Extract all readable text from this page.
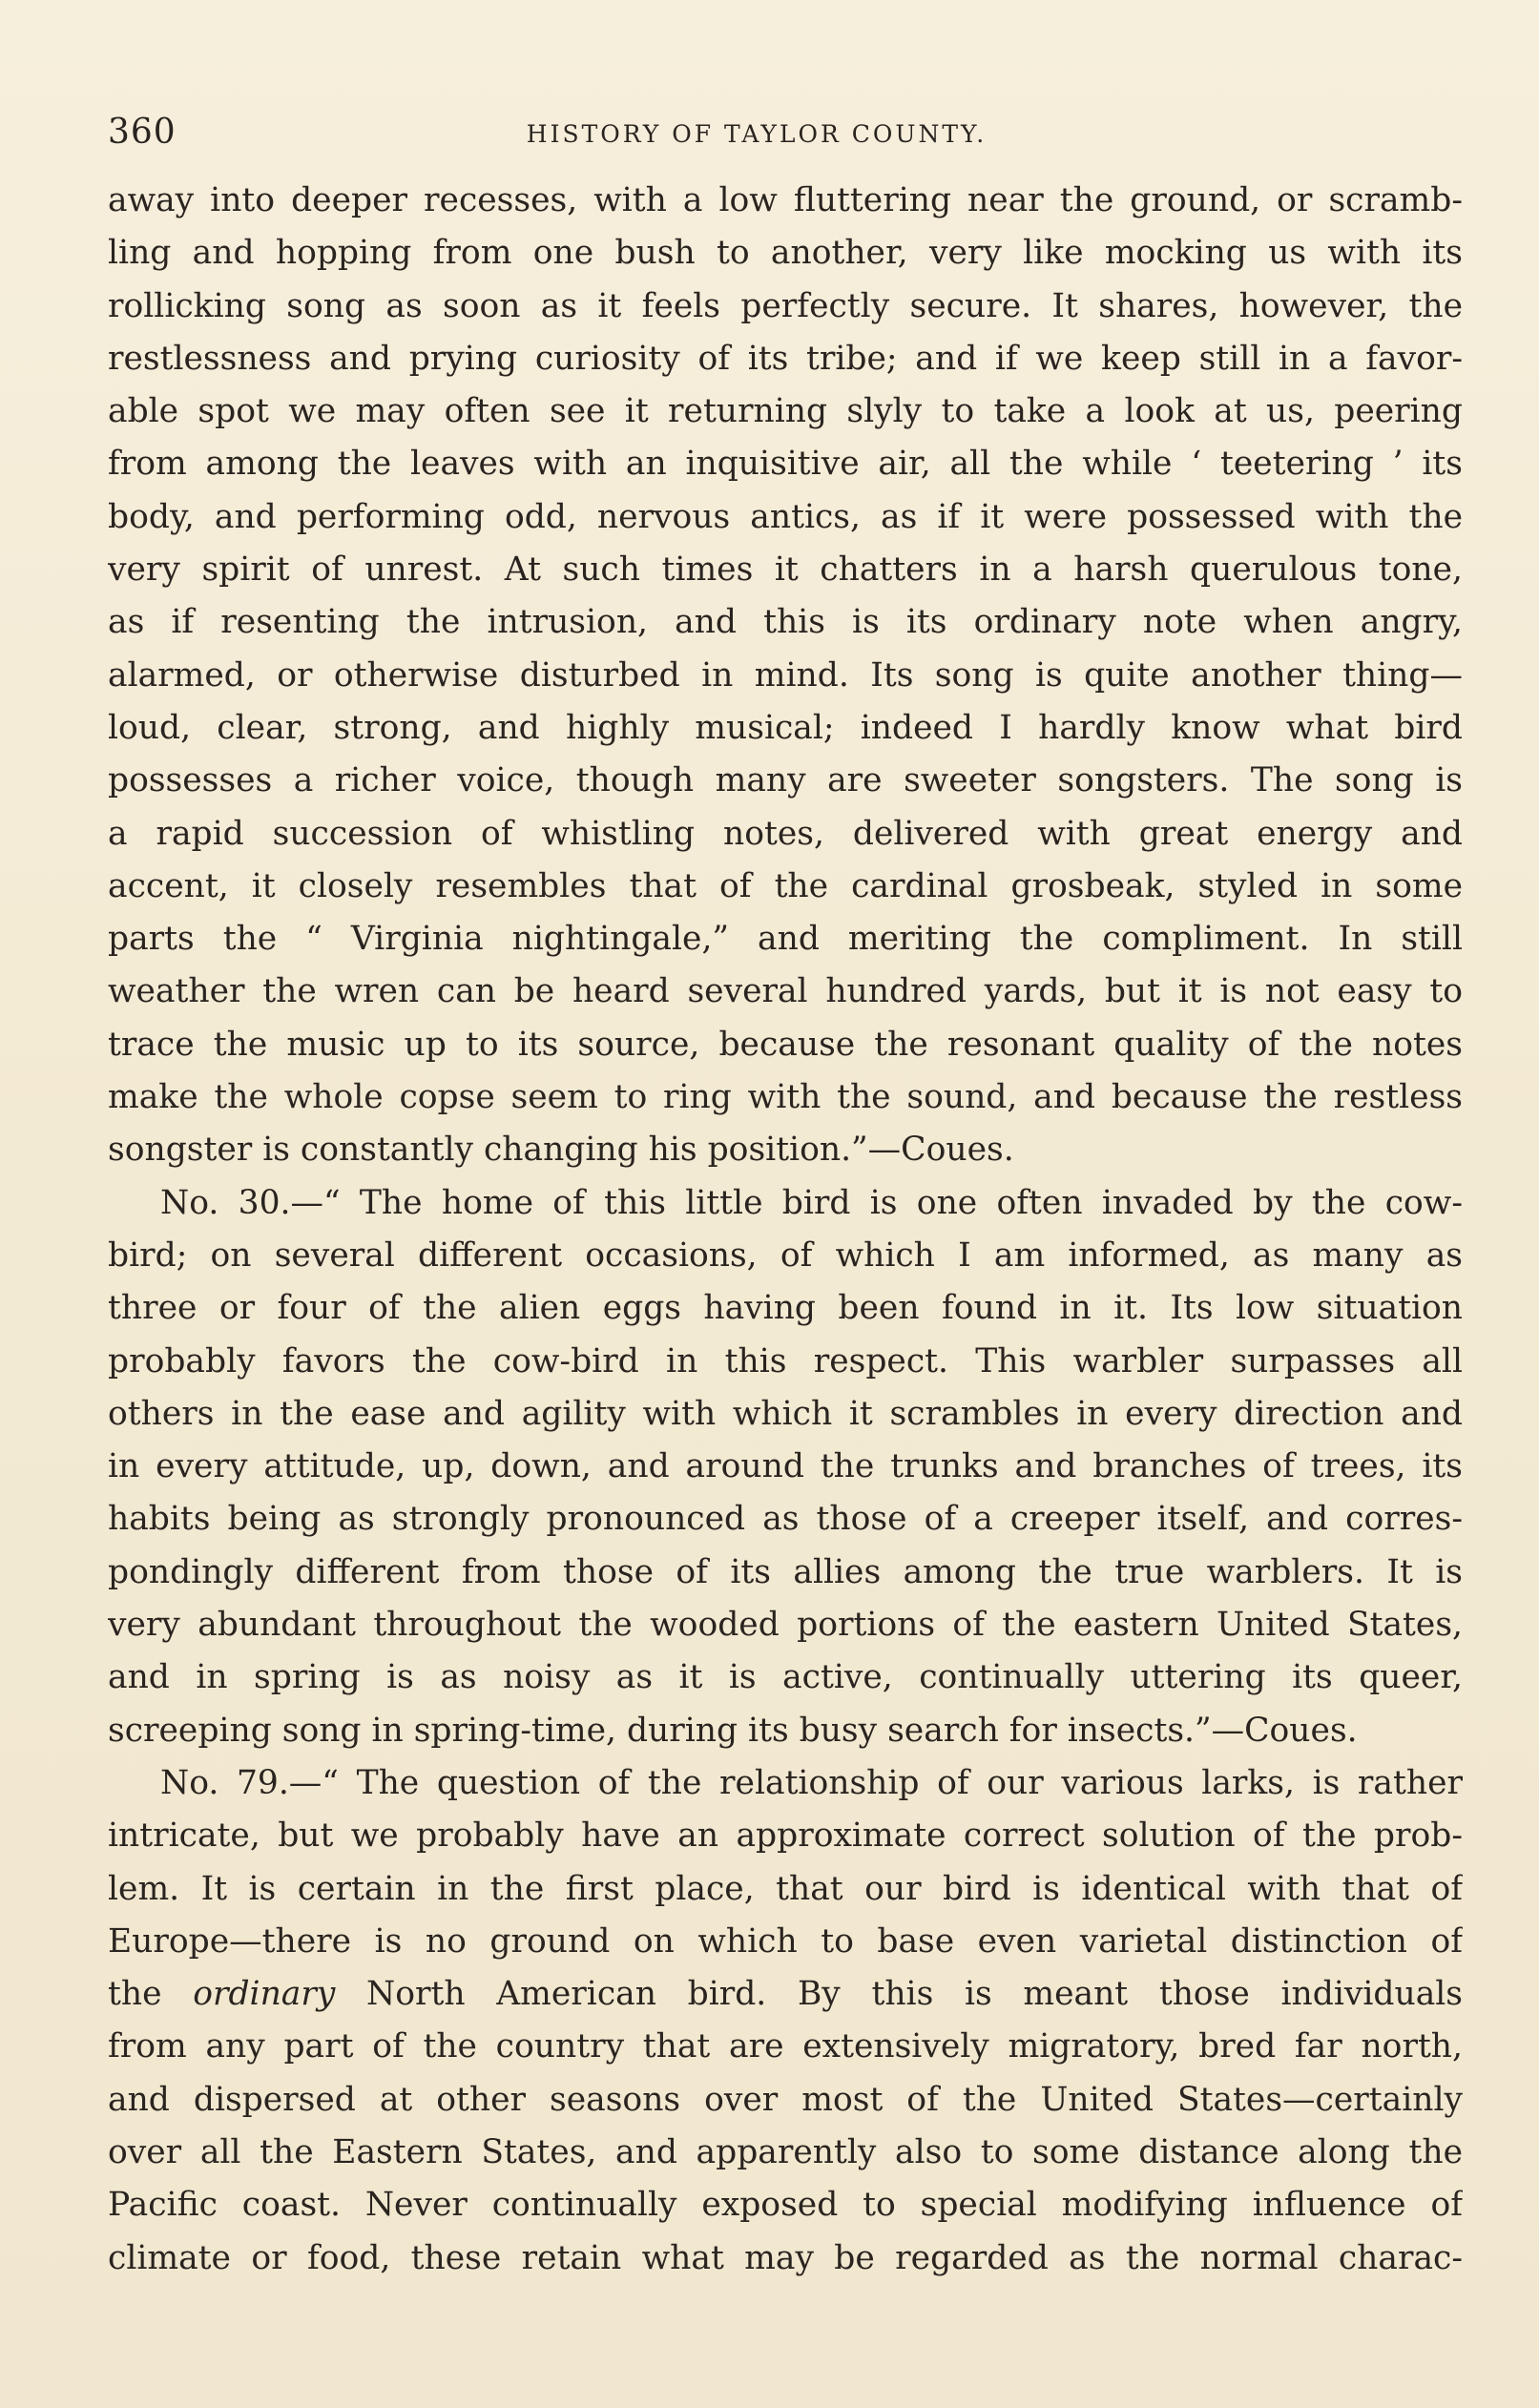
360	HISTORY OF TAYLOR COUNTY.
away into deeper recesses, with a low fluttering near the ground, or scramb-
ling and hopping from one bush to another, very like mocking us with its
rollicking song as soon as it feels perfectly secure. It shares, however, the
restlessness and prying curiosity of its tribe; and if we keep still in a favor-
able spot we may often see it returning slyly to take a look at us, peering
from among the leaves with an inquisitive air, all the while ‘ teetering ’ its
body, and performing odd, nervous antics, as if it were possessed with the
very spirit of unrest. At such times it chatters in a harsh querulous tone,
as if resenting the intrusion, and this is its ordinary note when angry,
alarmed, or otherwise disturbed in mind. Its song is quite another thing—
loud, clear, strong, and highly musical; indeed I hardly know what bird
possesses a richer voice, though many are sweeter songsters. The song is
a rapid succession of whistling notes, delivered with great energy and
accent, it closely resembles that of the cardinal grosbeak, styled in some
parts the “ Virginia nightingale,” and meriting the compliment. In still
weather the wren can be heard several hundred yards, but it is not easy to
trace the music up to its source, because the resonant quality of the notes
make the whole copse seem to ring with the sound, and because the restless
songster is constantly changing his position.”—Coues.
No. 30.—“ The home of this little bird is one often invaded by the cow-
bird; on several different occasions, of which I am informed, as many as
three or four of the alien eggs having been found in it. Its low situation
probably favors the cow-bird in this respect. This warbler surpasses all
others in the ease and agility with which it scrambles in every direction and
in every attitude, up, down, and around the trunks and branches of trees, its
habits being as strongly pronounced as those of a creeper itself, and corres-
pondingly different from those of its allies among the true warblers. It is
very abundant throughout the wooded portions of the eastern United States,
and in spring is as noisy as it is active, continually uttering its queer,
screeping song in spring-time, during its busy search for insects.”—Coues.
No. 79.—“ The question of the relationship of our various larks, is rather
intricate, but we probably have an approximate correct solution of the prob-
lem. It is certain in the first place, that our bird is identical with that of
Europe—there is no ground on which to base even varietal distinction of
the ordinary North American bird. By this is meant those individuals
from any part of the country that are extensively migratory, bred far north,
and dispersed at other seasons over most of the United States—certainly
over all the Eastern States, and apparently also to some distance along the
Pacific coast. Never continually exposed to special modifying influence of
climate or food, these retain what may be regarded as the normal charac-
